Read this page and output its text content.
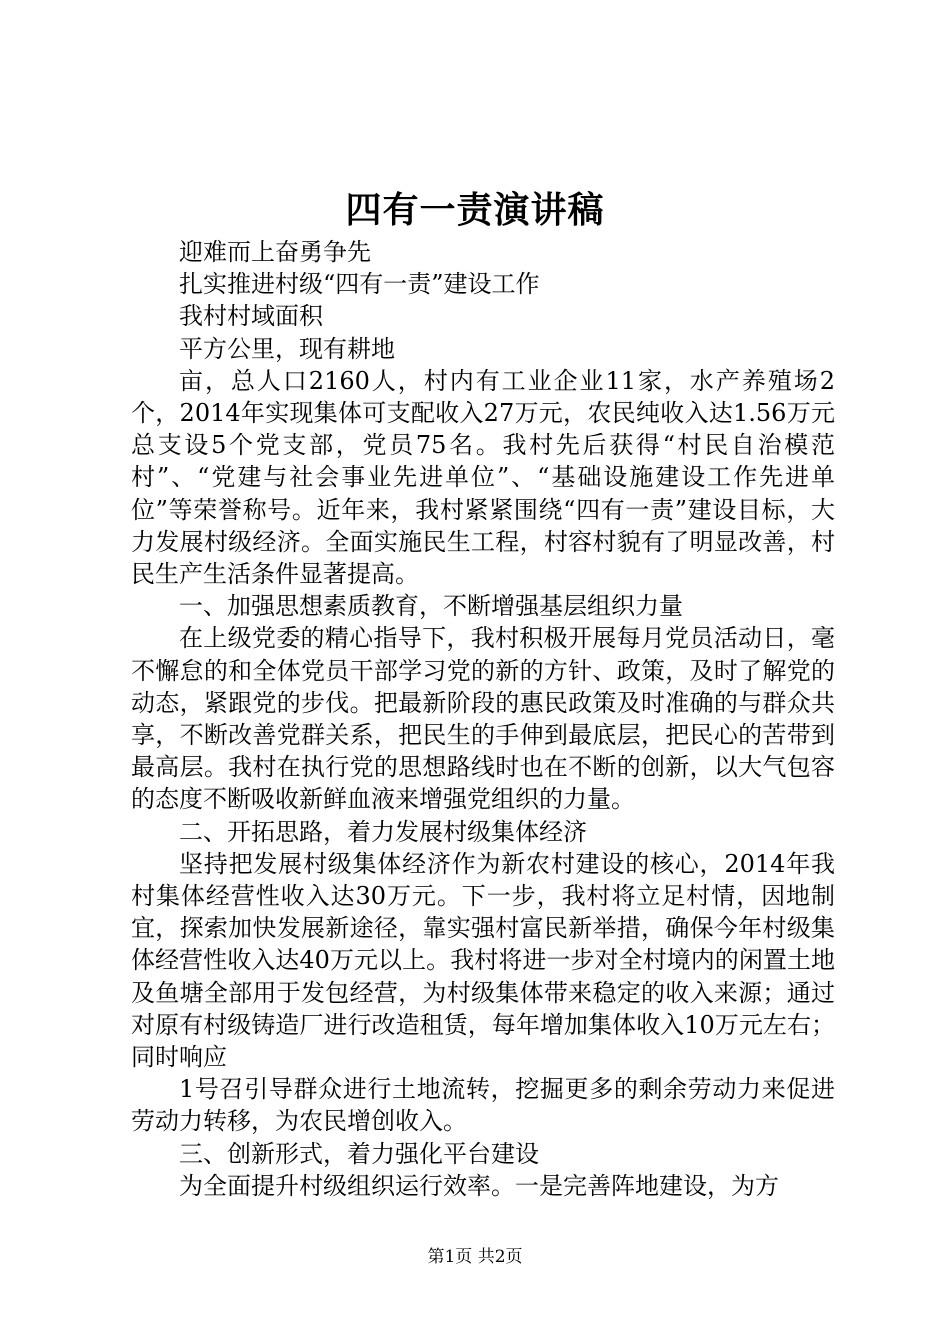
四有一责演讲稿

迎难而上奋勇争先

扎实推进村级“四有一责”建设工作

我村村域面积

平方公里，现有耕地

亩，总人口2160人，村内有工业企业11家，水产养殖场2个，2014年实现集体可支配收入27万元，农民纯收入达1.56万元总支设5个党支部，党员75名。我村先后获得“村民自治模范村”、“党建与社会事业先进单位”、“基础设施建设工作先进单位”等荣誉称号。近年来，我村紧紧围绕“四有一责”建设目标，大力发展村级经济。全面实施民生工程，村容村貌有了明显改善，村民生产生活条件显著提高。

一、加强思想素质教育，不断增强基层组织力量

在上级党委的精心指导下，我村积极开展每月党员活动日，毫不懈怠的和全体党员干部学习党的新的方针、政策，及时了解党的动态，紧跟党的步伐。把最新阶段的惠民政策及时准确的与群众共享，不断改善党群关系，把民生的手伸到最底层，把民心的苦带到最高层。我村在执行党的思想路线时也在不断的创新，以大气包容的态度不断吸收新鲜血液来增强党组织的力量。

二、开拓思路，着力发展村级集体经济

坚持把发展村级集体经济作为新农村建设的核心，2014年我村集体经营性收入达30万元。下一步，我村将立足村情，因地制宜，探索加快发展新途径，靠实强村富民新举措，确保今年村级集体经营性收入达40万元以上。我村将进一步对全村境内的闲置土地及鱼塘全部用于发包经营，为村级集体带来稳定的收入来源；通过对原有村级铸造厂进行改造租赁，每年增加集体收入10万元左右；同时响应

1号召引导群众进行土地流转，挖掘更多的剩余劳动力来促进劳动力转移，为农民增创收入。

三、创新形式，着力强化平台建设

为全面提升村级组织运行效率。一是完善阵地建设，为方

第1页 共2页
